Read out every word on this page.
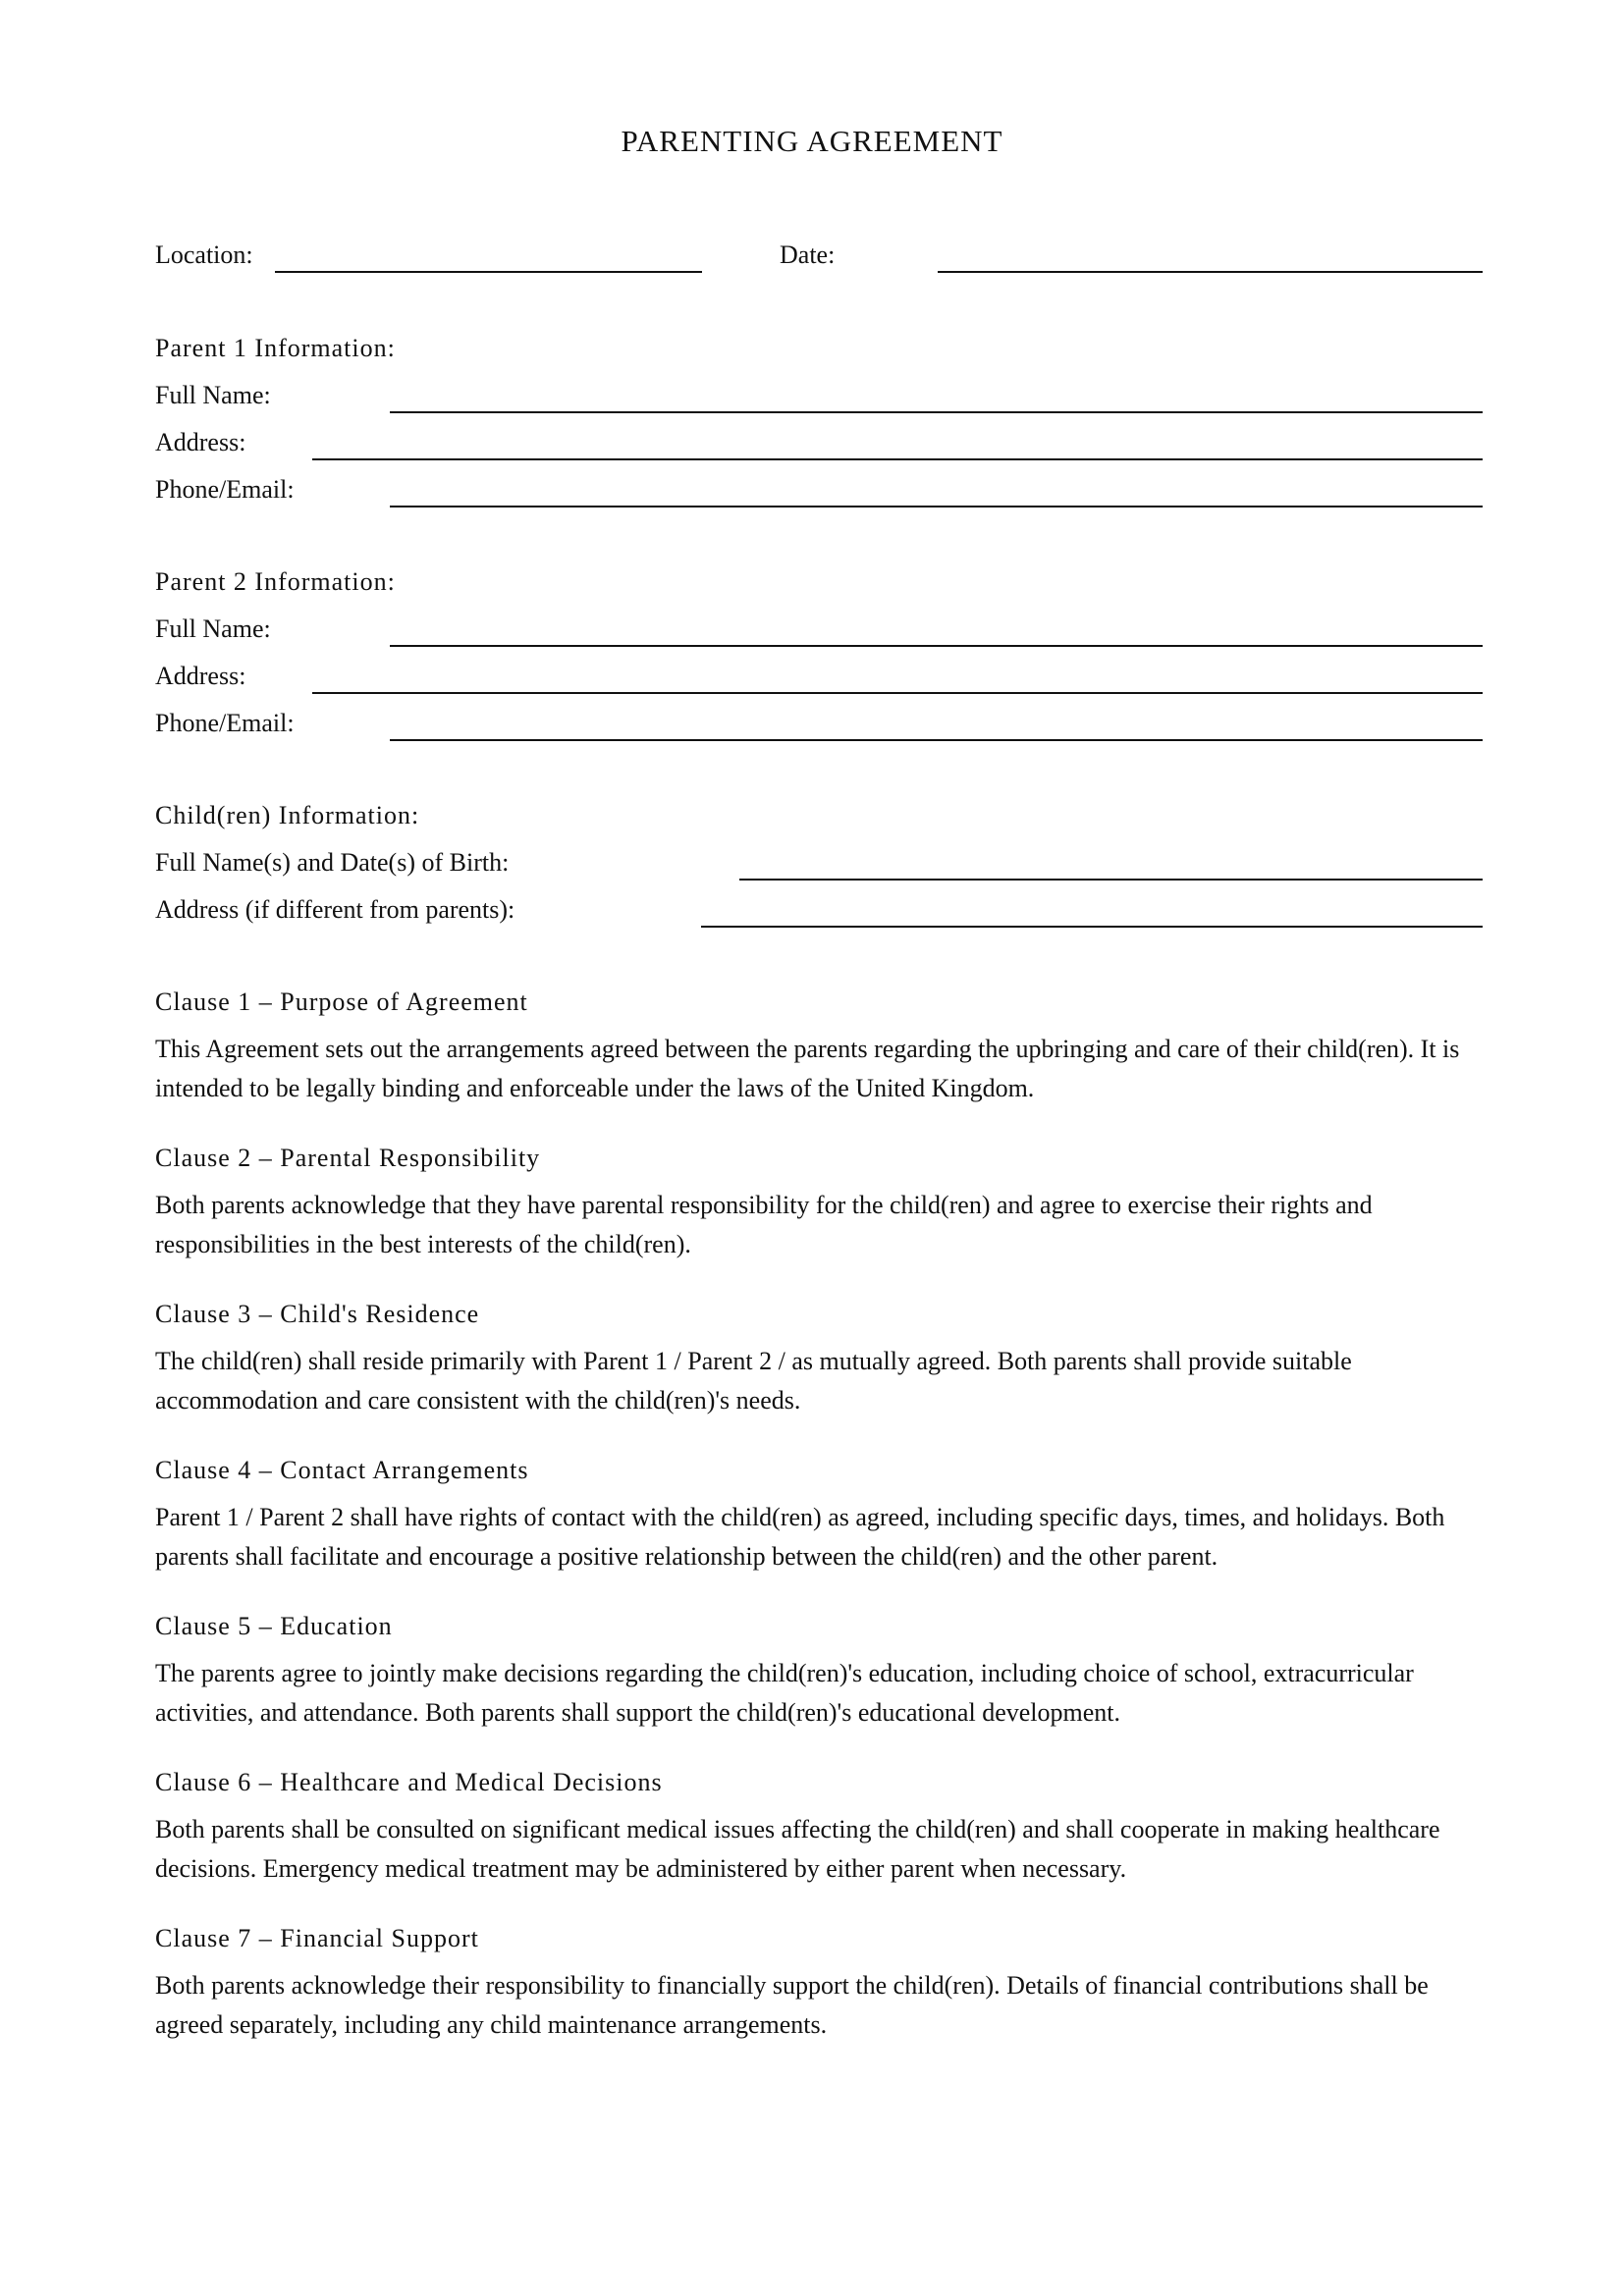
PARENTING AGREEMENT
Location:	Date:
Parent 1 Information:
Full Name:
Address:
Phone/Email:
Parent 2 Information:
Full Name:
Address:
Phone/Email:
Child(ren) Information:
Full Name(s) and Date(s) of Birth:
Address (if different from parents):
Clause 1 – Purpose of Agreement

This Agreement sets out the arrangements agreed between the parents regarding the upbringing and care of their child(ren). It is intended to be legally binding and enforceable under the laws of the United Kingdom.

Clause 2 – Parental Responsibility

Both parents acknowledge that they have parental responsibility for the child(ren) and agree to exercise their rights and responsibilities in the best interests of the child(ren).

Clause 3 – Child's Residence

The child(ren) shall reside primarily with Parent 1 / Parent 2 / as mutually agreed. Both parents shall provide suitable accommodation and care consistent with the child(ren)'s needs.

Clause 4 – Contact Arrangements

Parent 1 / Parent 2 shall have rights of contact with the child(ren) as agreed, including specific days, times, and holidays. Both parents shall facilitate and encourage a positive relationship between the child(ren) and the other parent.

Clause 5 – Education

The parents agree to jointly make decisions regarding the child(ren)'s education, including choice of school, extracurricular activities, and attendance. Both parents shall support the child(ren)'s educational development.

Clause 6 – Healthcare and Medical Decisions

Both parents shall be consulted on significant medical issues affecting the child(ren) and shall cooperate in making healthcare decisions. Emergency medical treatment may be administered by either parent when necessary.

Clause 7 – Financial Support

Both parents acknowledge their responsibility to financially support the child(ren). Details of financial contributions shall be agreed separately, including any child maintenance arrangements.
